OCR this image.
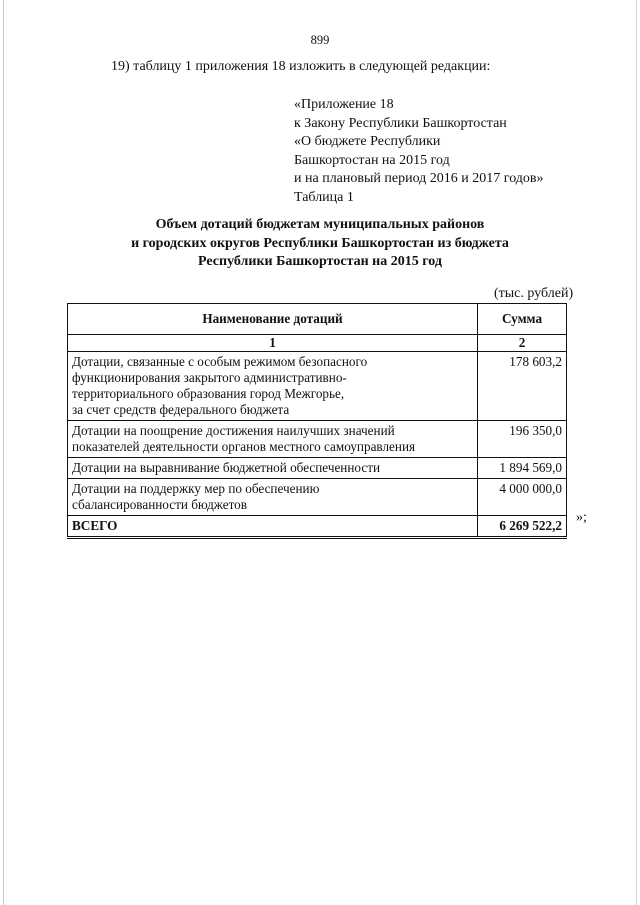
899
19) таблицу 1 приложения 18 изложить в следующей редакции:
«Приложение 18
к Закону Республики Башкортостан
«О бюджете Республики
Башкортостан на 2015 год
и на плановый период 2016 и 2017 годов»
Таблица 1
Объем дотаций бюджетам муниципальных районов
и городских округов Республики Башкортостан из бюджета
Республики Башкортостан на 2015 год
(тыс. рублей)
Наименование дотаций	Сумма
1	2

Дотации, связанные с особым режимом безопасного
функционирования закрытого административно-
территориального образования город Межгорье,
за счет средств федерального бюджета	178 603,2

Дотации на поощрение достижения наилучших значений
показателей деятельности органов местного самоуправления	196 350,0

Дотации на выравнивание бюджетной обеспеченности	1 894 569,0

Дотации на поддержку мер по обеспечению
сбалансированности бюджетов	4 000 000,0
ВСЕГО	6 269 522,2
»;
